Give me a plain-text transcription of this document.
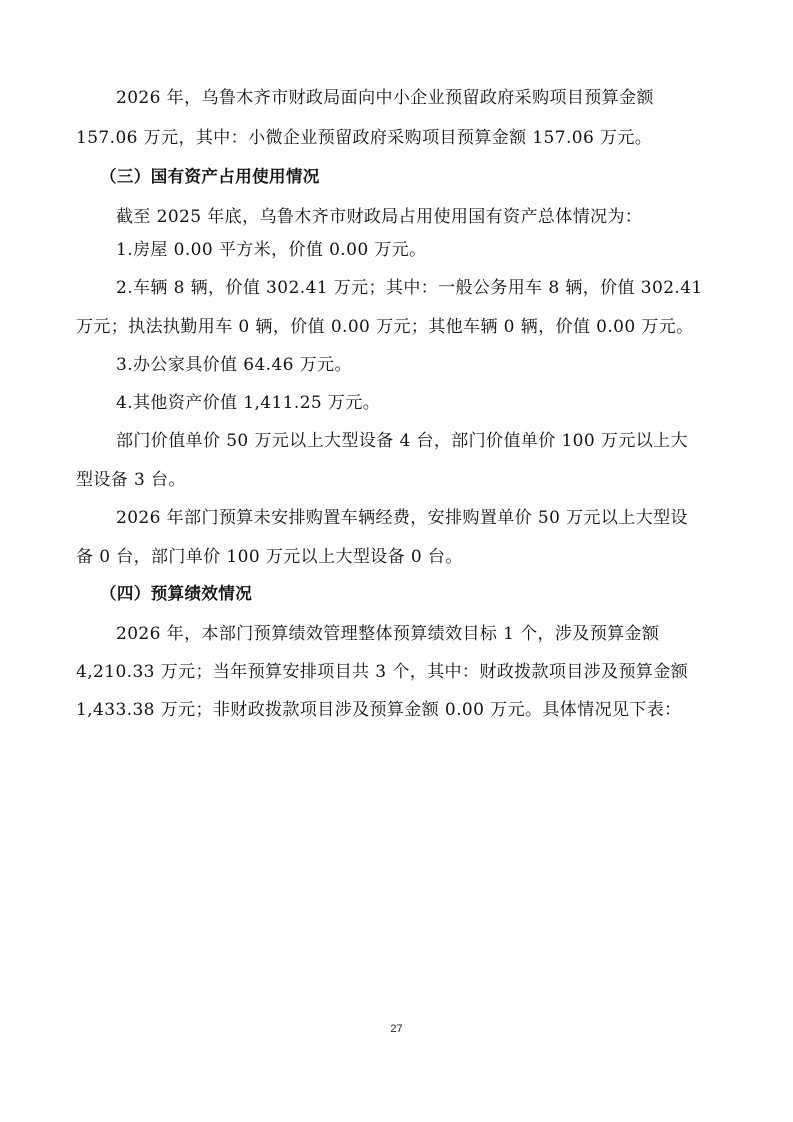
2026 年，乌鲁木齐市财政局面向中小企业预留政府采购项目预算金额
157.06 万元，其中：小微企业预留政府采购项目预算金额 157.06 万元。
（三）国有资产占用使用情况
截至 2025 年底，乌鲁木齐市财政局占用使用国有资产总体情况为：
1.房屋 0.00 平方米，价值 0.00 万元。
2.车辆 8 辆，价值 302.41 万元；其中：一般公务用车 8 辆，价值 302.41
万元；执法执勤用车 0 辆，价值 0.00 万元；其他车辆 0 辆，价值 0.00 万元。
3.办公家具价值 64.46 万元。
4.其他资产价值 1,411.25 万元。
部门价值单价 50 万元以上大型设备 4 台，部门价值单价 100 万元以上大
型设备 3 台。
2026 年部门预算未安排购置车辆经费，安排购置单价 50 万元以上大型设
备 0 台，部门单价 100 万元以上大型设备 0 台。
（四）预算绩效情况
2026 年，本部门预算绩效管理整体预算绩效目标 1 个，涉及预算金额
4,210.33 万元；当年预算安排项目共 3 个，其中：财政拨款项目涉及预算金额
1,433.38 万元；非财政拨款项目涉及预算金额 0.00 万元。具体情况见下表：
27
